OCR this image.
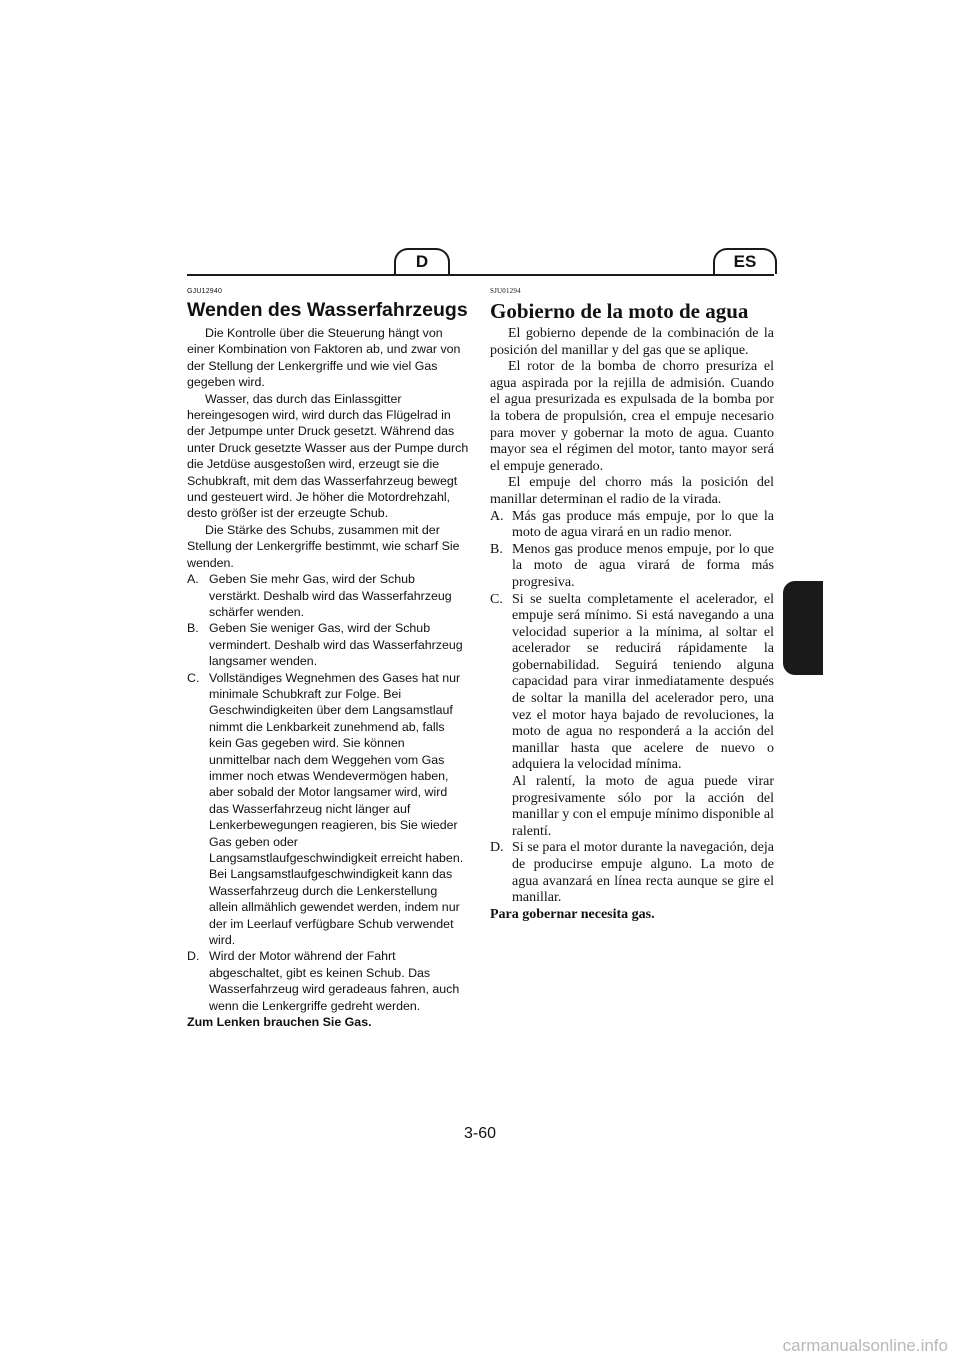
D	ES
GJU12940
Wenden des Wasserfahrzeugs

Die Kontrolle über die Steuerung hängt von einer Kombination von Faktoren ab, und zwar von der Stellung der Lenkergriffe und wie viel Gas gegeben wird.

Wasser, das durch das Einlassgitter hereingesogen wird, wird durch das Flügelrad in der Jetpumpe unter Druck gesetzt. Während das unter Druck gesetzte Wasser aus der Pumpe durch die Jetdüse ausgestoßen wird, erzeugt sie die Schubkraft, mit dem das Wasserfahrzeug bewegt und gesteuert wird. Je höher die Motordrehzahl, desto größer ist der erzeugte Schub.

Die Stärke des Schubs, zusammen mit der Stellung der Lenkergriffe bestimmt, wie scharf Sie wenden.

A. Geben Sie mehr Gas, wird der Schub verstärkt. Deshalb wird das Wasserfahrzeug schärfer wenden.
B. Geben Sie weniger Gas, wird der Schub vermindert. Deshalb wird das Wasserfahrzeug langsamer wenden.
C. Vollständiges Wegnehmen des Gases hat nur minimale Schubkraft zur Folge. Bei Geschwindigkeiten über dem Langsamstlauf nimmt die Lenkbarkeit zunehmend ab, falls kein Gas gegeben wird. Sie können unmittelbar nach dem Weggehen vom Gas immer noch etwas Wendevermögen haben, aber sobald der Motor langsamer wird, wird das Wasserfahrzeug nicht länger auf Lenkerbewegungen reagieren, bis Sie wieder Gas geben oder Langsamstlaufgeschwindigkeit erreicht haben.

Bei Langsamstlaufgeschwindigkeit kann das Wasserfahrzeug durch die Lenkerstellung allein allmählich gewendet werden, indem nur der im Leerlauf verfügbare Schub verwendet wird.

D. Wird der Motor während der Fahrt abgeschaltet, gibt es keinen Schub. Das Wasserfahrzeug wird geradeaus fahren, auch wenn die Lenkergriffe gedreht werden.

Zum Lenken brauchen Sie Gas.

SJU01294
Gobierno de la moto de agua

El gobierno depende de la combinación de la posición del manillar y del gas que se aplique.

El rotor de la bomba de chorro presuriza el agua aspirada por la rejilla de admisión. Cuando el agua presurizada es expulsada de la bomba por la tobera de propulsión, crea el empuje necesario para mover y gobernar la moto de agua. Cuanto mayor sea el régimen del motor, tanto mayor será el empuje generado.

El empuje del chorro más la posición del manillar determinan el radio de la virada.

A. Más gas produce más empuje, por lo que la moto de agua virará en un radio menor.
B. Menos gas produce menos empuje, por lo que la moto de agua virará de forma más progresiva.
C. Si se suelta completamente el acelerador, el empuje será mínimo. Si está navegando a una velocidad superior a la mínima, al soltar el acelerador se reducirá rápidamente la gobernabilidad. Seguirá teniendo alguna capacidad para virar inmediatamente después de soltar la manilla del acelerador pero, una vez el motor haya bajado de revoluciones, la moto de agua no responderá a la acción del manillar hasta que acelere de nuevo o adquiera la velocidad mínima.

Al ralentí, la moto de agua puede virar progresivamente sólo por la acción del manillar y con el empuje mínimo disponible al ralentí.

D. Si se para el motor durante la navegación, deja de producirse empuje alguno. La moto de agua avanzará en línea recta aunque se gire el manillar.

Para gobernar necesita gas.

3-60
carmanualsonline.info
